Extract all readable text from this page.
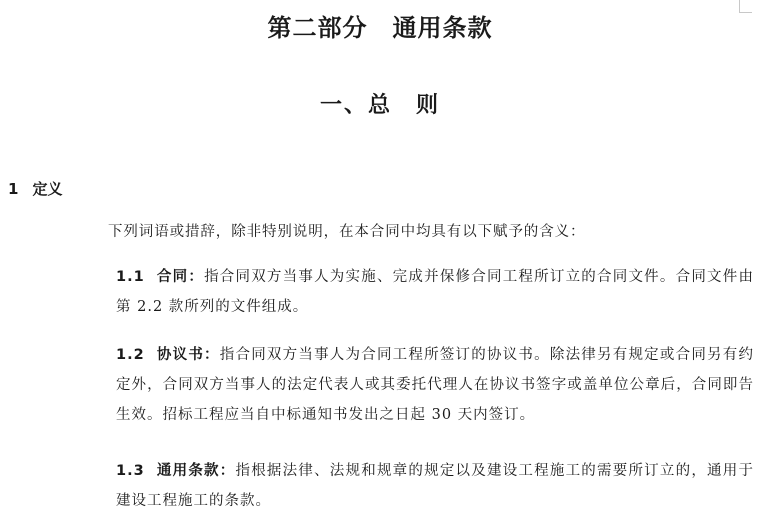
第二部分　通用条款
一、总　则
1 定义
下列词语或措辞，除非特别说明，在本合同中均具有以下赋予的含义：
1.1 合同：指合同双方当事人为实施、完成并保修合同工程所订立的合同文件。合同文件由第 2.2 款所列的文件组成。
1.2 协议书：指合同双方当事人为合同工程所签订的协议书。除法律另有规定或合同另有约定外，合同双方当事人的法定代表人或其委托代理人在协议书签字或盖单位公章后，合同即告生效。招标工程应当自中标通知书发出之日起 30 天内签订。
1.3 通用条款：指根据法律、法规和规章的规定以及建设工程施工的需要所订立的，通用于建设工程施工的条款。
